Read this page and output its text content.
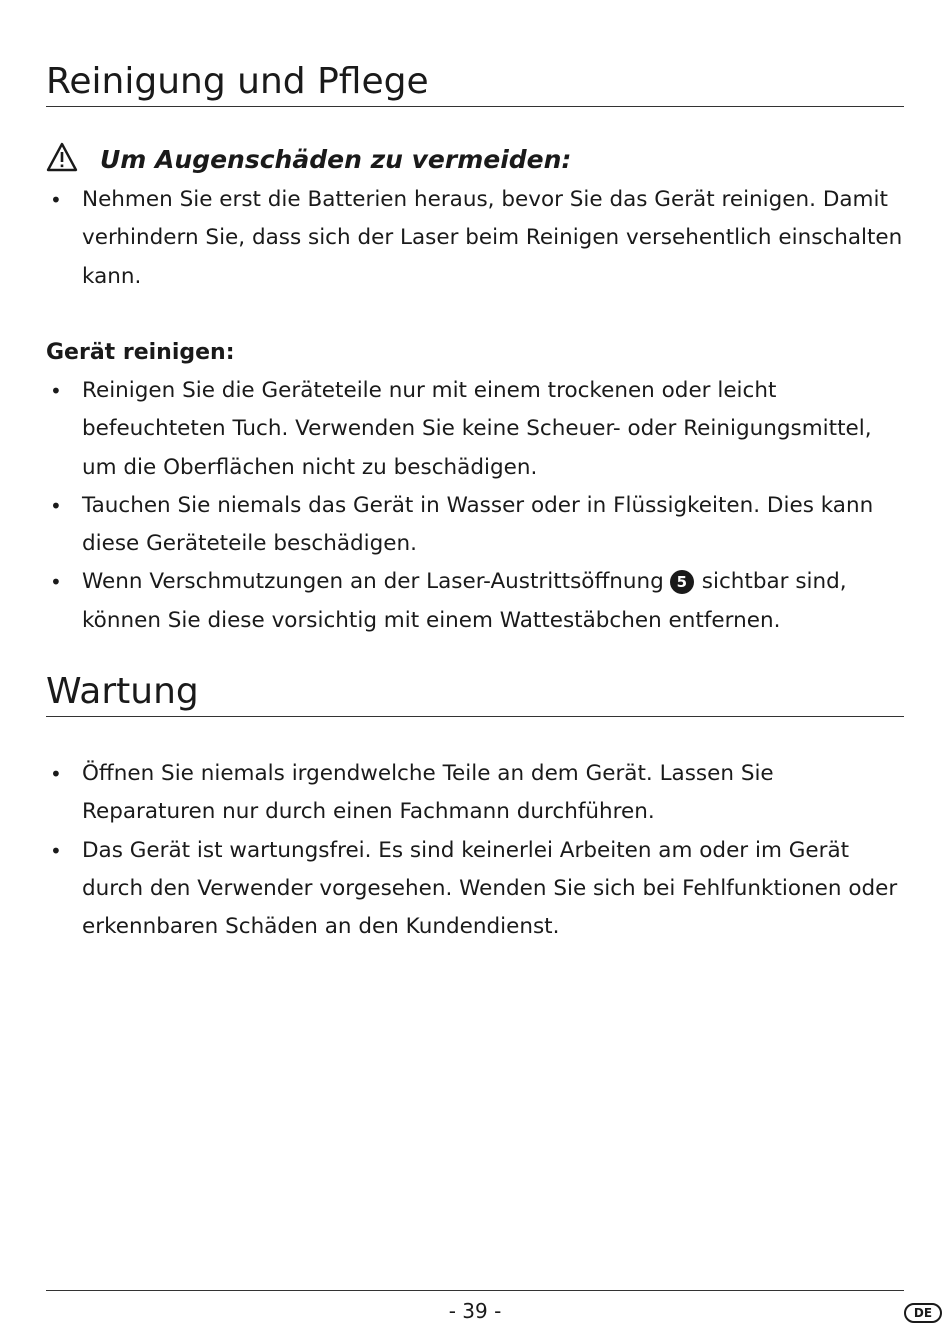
Reinigung und Pflege
Um Augenschäden zu vermeiden:
• Nehmen Sie erst die Batterien heraus, bevor Sie das Gerät reinigen. Damit verhindern Sie, dass sich der Laser beim Reinigen versehentlich einschalten kann.
Gerät reinigen:
• Reinigen Sie die Geräteteile nur mit einem trockenen oder leicht befeuchteten Tuch. Verwenden Sie keine Scheuer- oder Reinigungsmittel, um die Oberflächen nicht zu beschädigen.
• Tauchen Sie niemals das Gerät in Wasser oder in Flüssigkeiten. Dies kann diese Geräteteile beschädigen.
• Wenn Verschmutzungen an der Laser-Austrittsöffnung 5 sichtbar sind, können Sie diese vorsichtig mit einem Wattestäbchen entfernen.
Wartung
• Öffnen Sie niemals irgendwelche Teile an dem Gerät. Lassen Sie Reparaturen nur durch einen Fachmann durchführen.
• Das Gerät ist wartungsfrei. Es sind keinerlei Arbeiten am oder im Gerät durch den Verwender vorgesehen. Wenden Sie sich bei Fehlfunktionen oder erkennbaren Schäden an den Kundendienst.
- 39 -	DE
